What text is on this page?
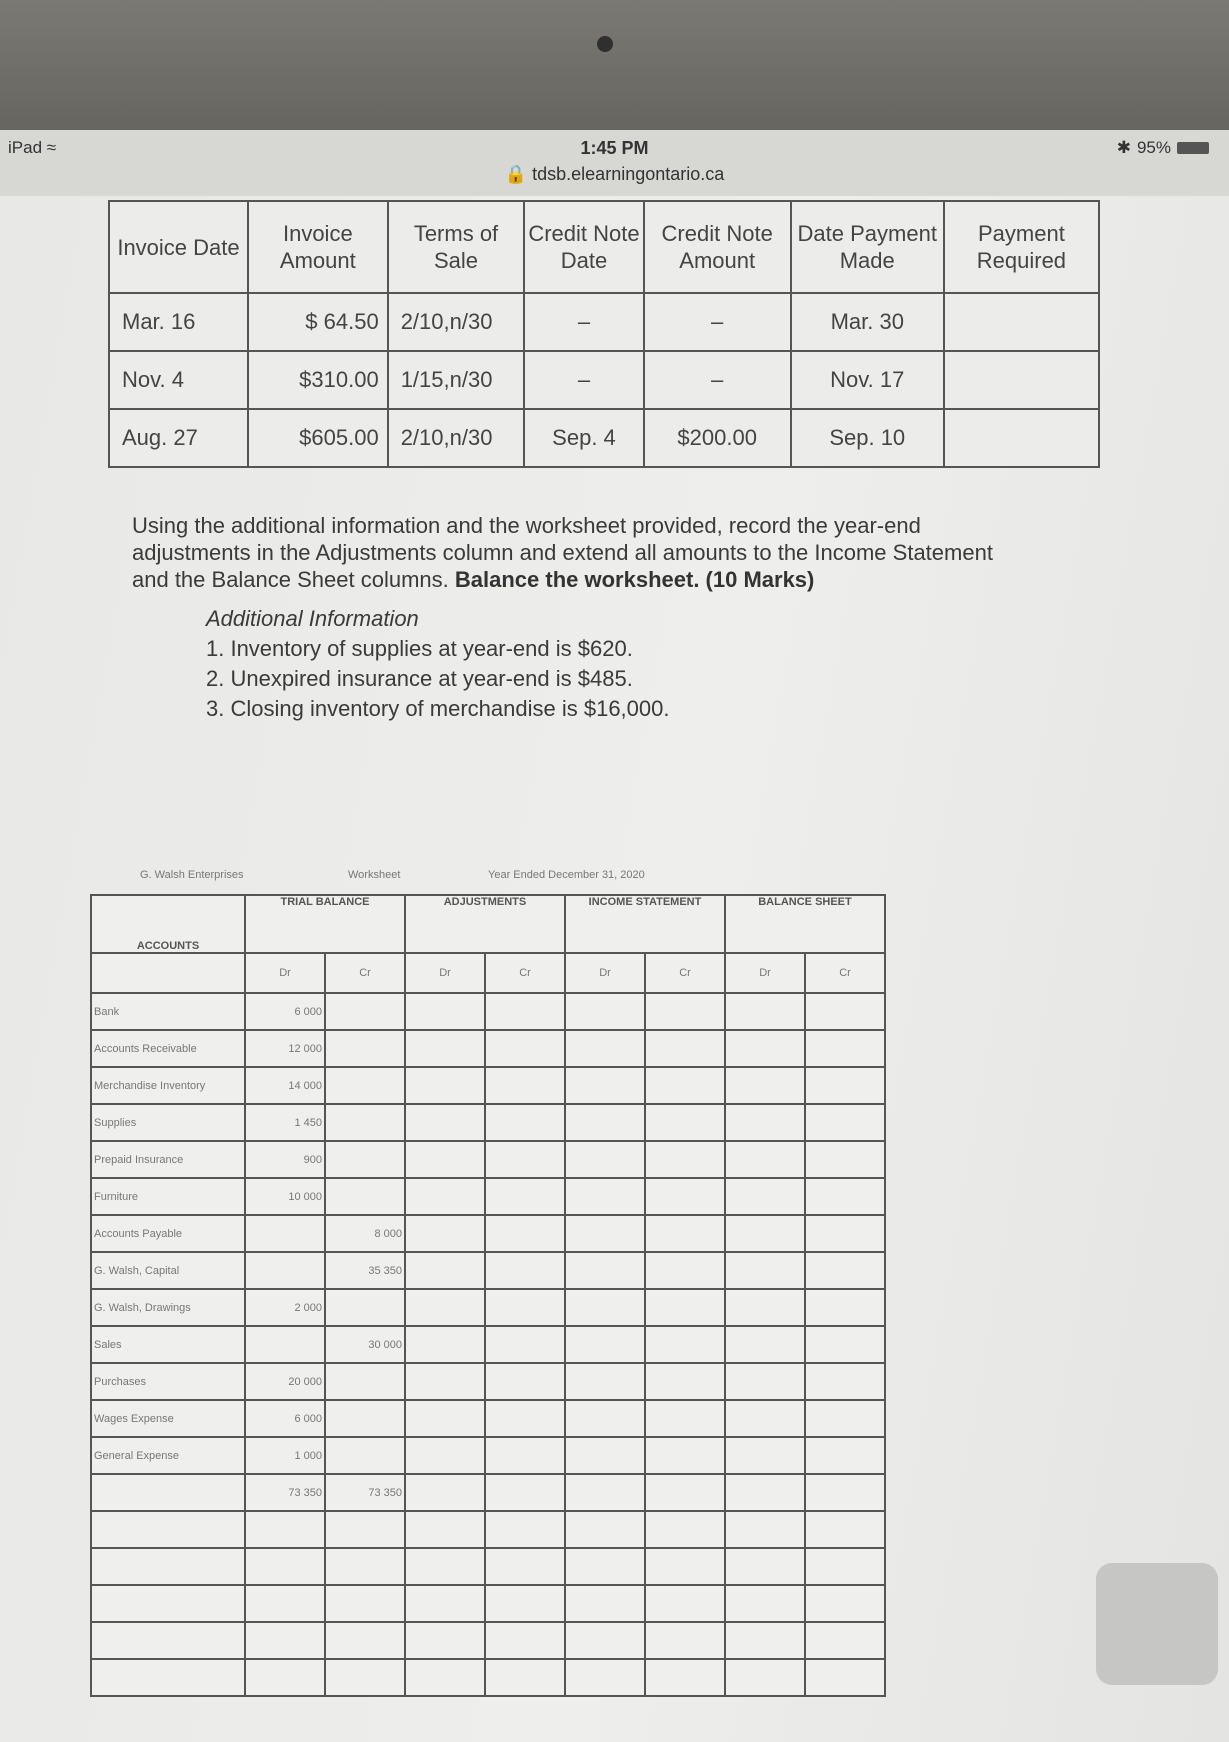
iPad ≈	1:45 PM
🔒 tdsb.elearningontario.ca
✱ 95%
Invoice Date	Invoice Amount	Terms of Sale	Credit Note Date	Credit Note Amount	Date Payment Made	Payment Required
Mar. 16	$ 64.50	2/10,n/30	–	–	Mar. 30	
Nov. 4	$310.00	1/15,n/30	–	–	Nov. 17	
Aug. 27	$605.00	2/10,n/30	Sep. 4	$200.00	Sep. 10	
Using the additional information and the worksheet provided, record the year-end adjustments in the Adjustments column and extend all amounts to the Income Statement and the Balance Sheet columns. Balance the worksheet. (10 Marks)
Additional Information
1. Inventory of supplies at year-end is $620.
2. Unexpired insurance at year-end is $485.
3. Closing inventory of merchandise is $16,000.
G. Walsh Enterprises	Worksheet	Year Ended December 31, 2020
ACCOUNTS	TRIAL BALANCE		ADJUSTMENTS		INCOME STATEMENT		BALANCE SHEET	
	Dr	Cr	Dr	Cr	Dr	Cr	Dr	Cr
Bank	6 000							
Accounts Receivable	12 000							
Merchandise Inventory	14 000							
Supplies	1 450							
Prepaid Insurance	900							
Furniture	10 000							
Accounts Payable		8 000						
G. Walsh, Capital		35 350						
G. Walsh, Drawings	2 000							
Sales		30 000						
Purchases	20 000							
Wages Expense	6 000							
General Expense	1 000							
	73 350	73 350						
